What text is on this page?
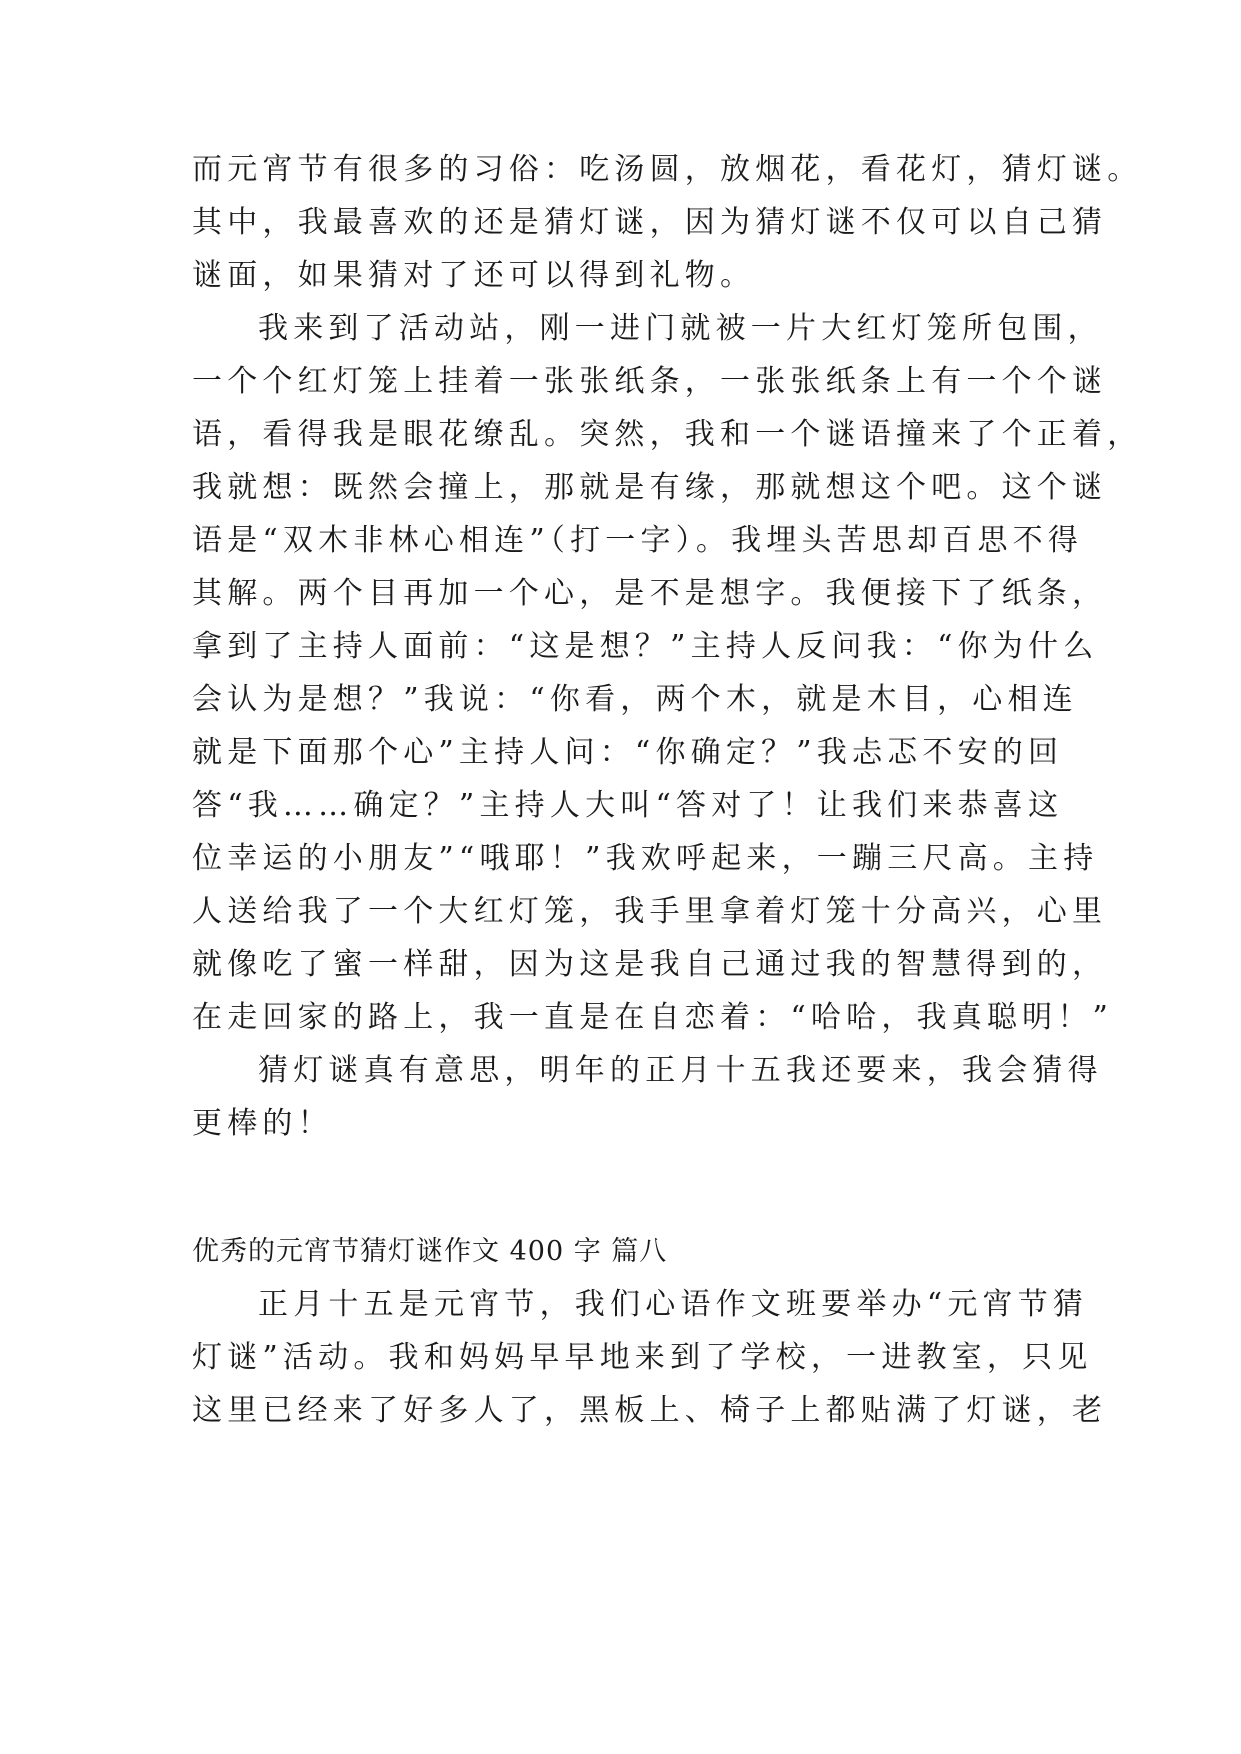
而元宵节有很多的习俗：吃汤圆，放烟花，看花灯，猜灯谜。
其中，我最喜欢的还是猜灯谜，因为猜灯谜不仅可以自己猜
谜面，如果猜对了还可以得到礼物。
我来到了活动站，刚一进门就被一片大红灯笼所包围，
一个个红灯笼上挂着一张张纸条，一张张纸条上有一个个谜
语，看得我是眼花缭乱。突然，我和一个谜语撞来了个正着，
我就想：既然会撞上，那就是有缘，那就想这个吧。这个谜
语是“双木非林心相连”（打一字）。我埋头苦思却百思不得
其解。两个目再加一个心，是不是想字。我便接下了纸条，
拿到了主持人面前：“这是想？”主持人反问我：“你为什么
会认为是想？”我说：“你看，两个木，就是木目，心相连
就是下面那个心”主持人问：“你确定？”我忐忑不安的回
答“我……确定？”主持人大叫“答对了！让我们来恭喜这
位幸运的小朋友”“哦耶！”我欢呼起来，一蹦三尺高。主持
人送给我了一个大红灯笼，我手里拿着灯笼十分高兴，心里
就像吃了蜜一样甜，因为这是我自己通过我的智慧得到的，
在走回家的路上，我一直是在自恋着：“哈哈，我真聪明！”
猜灯谜真有意思，明年的正月十五我还要来，我会猜得
更棒的！
优秀的元宵节猜灯谜作文 400 字 篇八
正月十五是元宵节，我们心语作文班要举办“元宵节猜
灯谜”活动。我和妈妈早早地来到了学校，一进教室，只见
这里已经来了好多人了，黑板上、椅子上都贴满了灯谜，老
